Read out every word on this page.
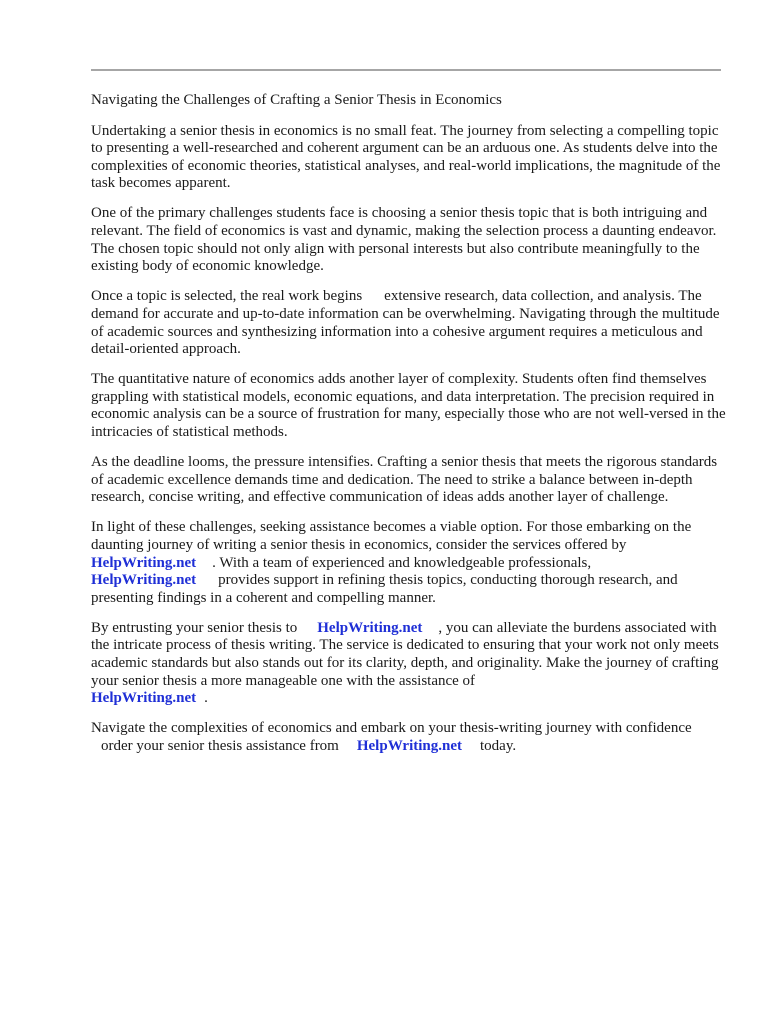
Navigating the Challenges of Crafting a Senior Thesis in Economics

Undertaking a senior thesis in economics is no small feat. The journey from selecting a compelling topic to presenting a well-researched and coherent argument can be an arduous one. As students delve into the complexities of economic theories, statistical analyses, and real-world implications, the magnitude of the task becomes apparent.

One of the primary challenges students face is choosing a senior thesis topic that is both intriguing and relevant. The field of economics is vast and dynamic, making the selection process a daunting endeavor. The chosen topic should not only align with personal interests but also contribute meaningfully to the existing body of economic knowledge.

Once a topic is selected, the real work begins extensive research, data collection, and analysis. The demand for accurate and up-to-date information can be overwhelming. Navigating through the multitude of academic sources and synthesizing information into a cohesive argument requires a meticulous and detail-oriented approach.

The quantitative nature of economics adds another layer of complexity. Students often find themselves grappling with statistical models, economic equations, and data interpretation. The precision required in economic analysis can be a source of frustration for many, especially those who are not well-versed in the intricacies of statistical methods.

As the deadline looms, the pressure intensifies. Crafting a senior thesis that meets the rigorous standards of academic excellence demands time and dedication. The need to strike a balance between in-depth research, concise writing, and effective communication of ideas adds another layer of challenge.

In light of these challenges, seeking assistance becomes a viable option. For those embarking on the daunting journey of writing a senior thesis in economics, consider the services offered by
HelpWriting.net . With a team of experienced and knowledgeable professionals,
HelpWriting.net provides support in refining thesis topics, conducting thorough research, and presenting findings in a coherent and compelling manner.

By entrusting your senior thesis to HelpWriting.net , you can alleviate the burdens associated with the intricate process of thesis writing. The service is dedicated to ensuring that your work not only meets academic standards but also stands out for its clarity, depth, and originality. Make the journey of crafting your senior thesis a more manageable one with the assistance of
HelpWriting.net .

Navigate the complexities of economics and embark on your thesis-writing journey with confidence
order your senior thesis assistance from HelpWriting.net today.
